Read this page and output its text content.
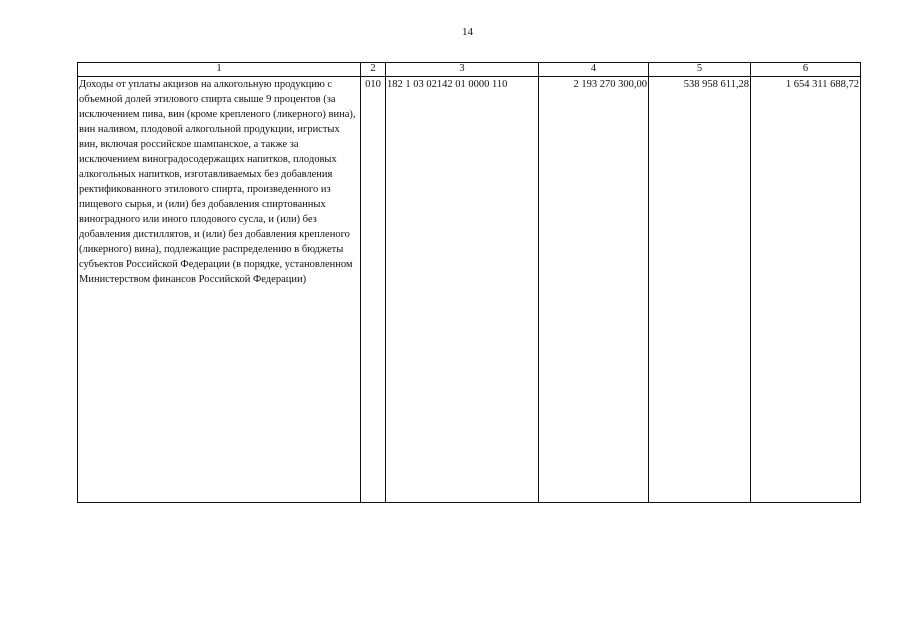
14
1	2	3	4	5	6
Доходы от уплаты акцизов на алкогольную продукцию с объемной долей этилового спирта свыше 9 процентов (за исключением пива, вин (кроме крепленого (ликерного) вина), вин наливом, плодовой алкогольной продукции, игристых вин, включая российское шампанское, а также за исключением виноградосодержащих напитков, плодовых алкогольных напитков, изготавливаемых без добавления ректификованного этилового спирта, произведенного из пищевого сырья, и (или) без добавления спиртованных виноградного или иного плодового сусла, и (или) без добавления дистиллятов, и (или) без добавления крепленого (ликерного) вина), подлежащие распределению в бюджеты субъектов Российской Федерации (в порядке, установленном Министерством финансов Российской Федерации)	010	182 1 03 02142 01 0000 110	2 193 270 300,00	538 958 611,28	1 654 311 688,72
